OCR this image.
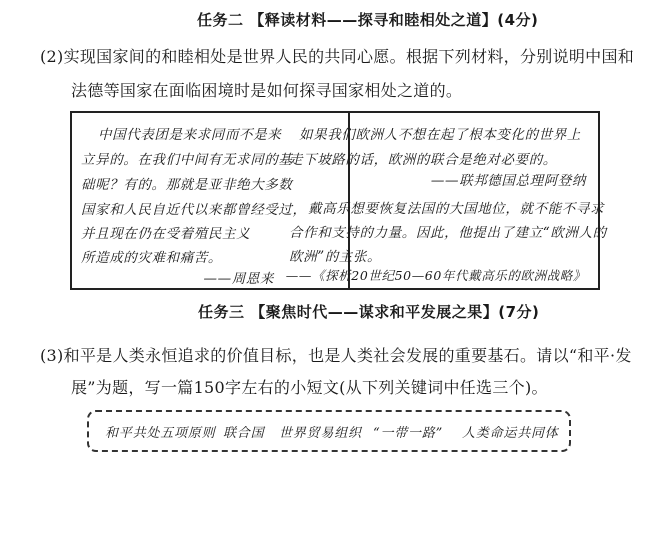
任务二 【释读材料——探寻和睦相处之道】(4分)
(2)实现国家间的和睦相处是世界人民的共同心愿。根据下列材料，分别说明中国和
法德等国家在面临困境时是如何探寻国家相处之道的。
中国代表团是来求同而不是来
立异的。在我们中间有无求同的基
础呢？有的。那就是亚非绝大多数
国家和人民自近代以来都曾经受过，
并且现在仍在受着殖民主义
所造成的灾难和痛苦。
——周恩来
如果我们欧洲人不想在起了根本变化的世界上
走下坡路的话，欧洲的联合是绝对必要的。
——联邦德国总理阿登纳
戴高乐想要恢复法国的大国地位，就不能不寻求
合作和支持的力量。因此，他提出了建立“欧洲人的
欧洲”的主张。
——《探析20世纪50—60年代戴高乐的欧洲战略》
任务三 【聚焦时代——谋求和平发展之果】(7分)
(3)和平是人类永恒追求的价值目标，也是人类社会发展的重要基石。请以“和平·发
展”为题，写一篇150字左右的小短文(从下列关键词中任选三个)。
和平共处五项原则 联合国 世界贸易组织 “一带一路” 人类命运共同体
